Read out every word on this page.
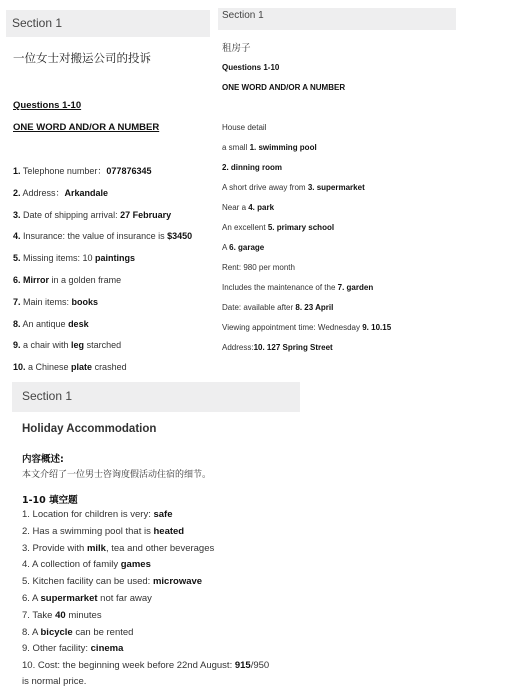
Section 1
一位女士对搬运公司的投诉
Questions 1-10
ONE WORD AND/OR A NUMBER
1. Telephone number：077876345
2. Address：Arkandale
3. Date of shipping arrival: 27 February
4. Insurance: the value of insurance is $3450
5. Missing items: 10 paintings
6. Mirror in a golden frame
7. Main items: books
8. An antique desk
9. a chair with leg starched
10. a Chinese plate crashed
Section 1
租房子
Questions 1-10
ONE WORD AND/OR A NUMBER
House detail
a small 1. swimming pool
2. dinning room
A short drive away from 3. supermarket
Near a 4. park
An excellent 5. primary school
A 6. garage
Rent: 980 per month
Includes the maintenance of the 7. garden
Date: available after 8. 23 April
Viewing appointment time: Wednesday 9. 10.15
Address:10. 127 Spring Street
Section 1
Holiday Accommodation
内容概述:
本文介绍了一位男士咨询度假活动住宿的细节。
1-10 填空题
1. Location for children is very: safe
2. Has a swimming pool that is heated
3. Provide with milk, tea and other beverages
4. A collection of family games
5. Kitchen facility can be used: microwave
6. A supermarket not far away
7. Take 40 minutes
8. A bicycle can be rented
9. Other facility: cinema
10. Cost: the beginning week before 22nd August: 915/950
is normal price.
